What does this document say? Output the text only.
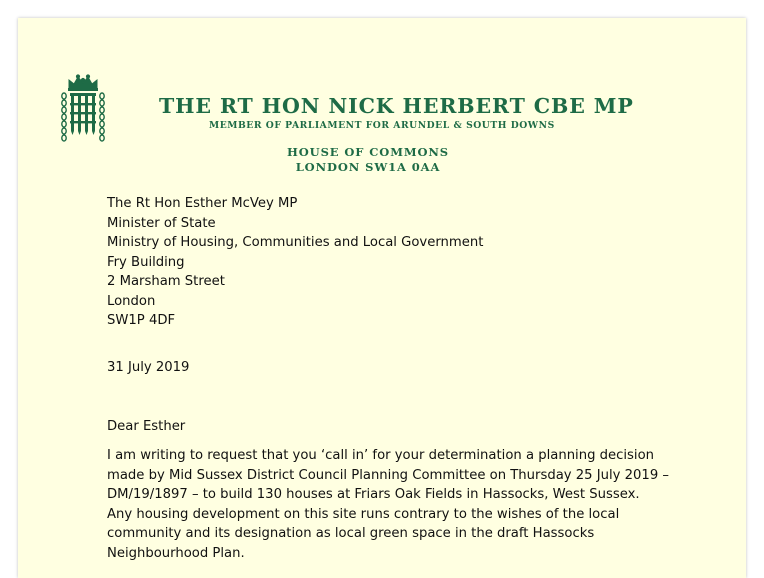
THE RT HON NICK HERBERT CBE MP
MEMBER OF PARLIAMENT FOR ARUNDEL & SOUTH DOWNS
HOUSE OF COMMONS
LONDON SW1A 0AA
The Rt Hon Esther McVey MP
Minister of State
Ministry of Housing, Communities and Local Government
Fry Building
2 Marsham Street
London
SW1P 4DF
31 July 2019
Dear Esther
I am writing to request that you ‘call in’ for your determination a planning decision
made by Mid Sussex District Council Planning Committee on Thursday 25 July 2019 –
DM/19/1897 – to build 130 houses at Friars Oak Fields in Hassocks, West Sussex.
Any housing development on this site runs contrary to the wishes of the local
community and its designation as local green space in the draft Hassocks
Neighbourhood Plan.
